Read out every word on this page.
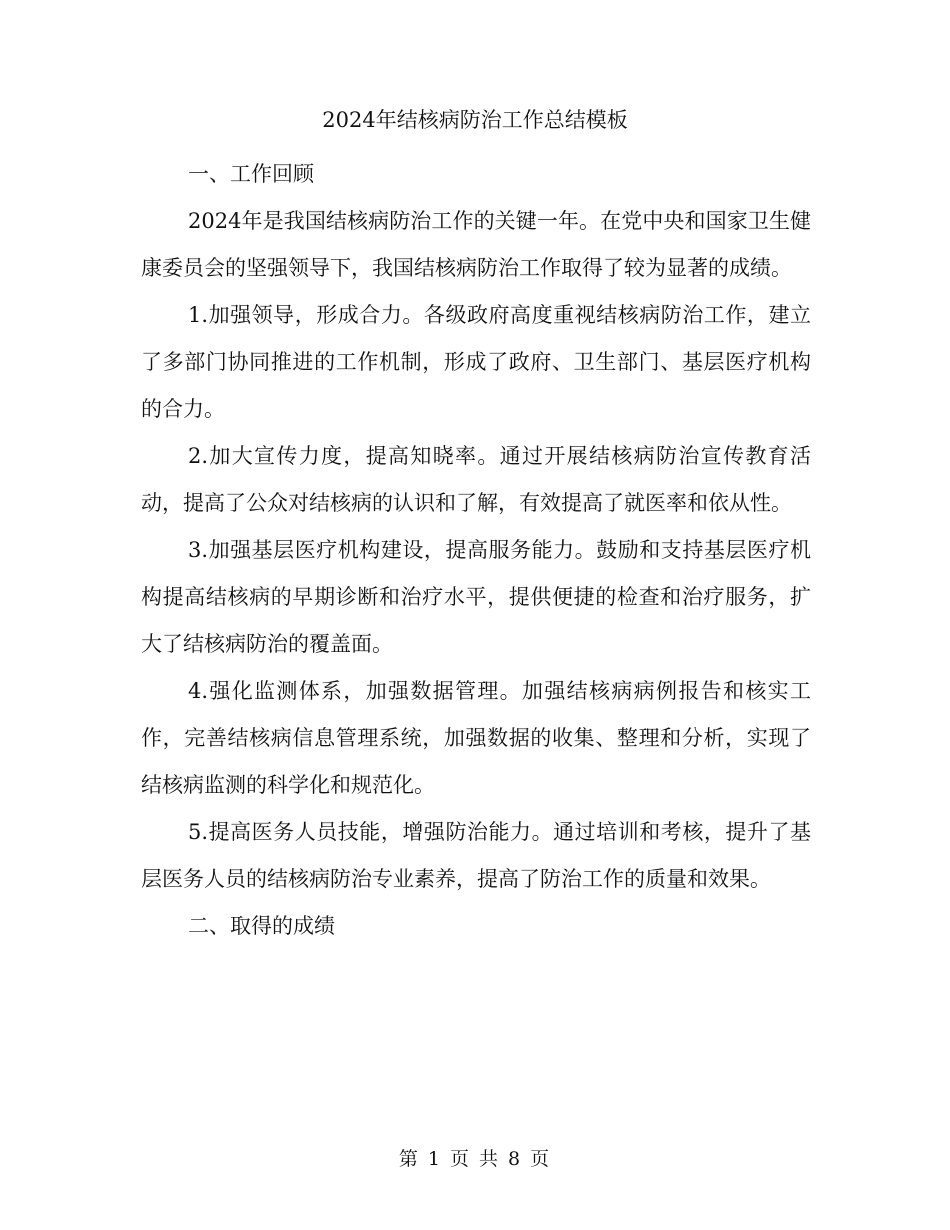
2024年结核病防治工作总结模板

一、工作回顾

2024年是我国结核病防治工作的关键一年。在党中央和国家卫生健康委员会的坚强领导下，我国结核病防治工作取得了较为显著的成绩。

1.加强领导，形成合力。各级政府高度重视结核病防治工作，建立了多部门协同推进的工作机制，形成了政府、卫生部门、基层医疗机构的合力。

2.加大宣传力度，提高知晓率。通过开展结核病防治宣传教育活动，提高了公众对结核病的认识和了解，有效提高了就医率和依从性。

3.加强基层医疗机构建设，提高服务能力。鼓励和支持基层医疗机构提高结核病的早期诊断和治疗水平，提供便捷的检查和治疗服务，扩大了结核病防治的覆盖面。

4.强化监测体系，加强数据管理。加强结核病病例报告和核实工作，完善结核病信息管理系统，加强数据的收集、整理和分析，实现了结核病监测的科学化和规范化。

5.提高医务人员技能，增强防治能力。通过培训和考核，提升了基层医务人员的结核病防治专业素养，提高了防治工作的质量和效果。

二、取得的成绩

第 1 页 共 8 页
